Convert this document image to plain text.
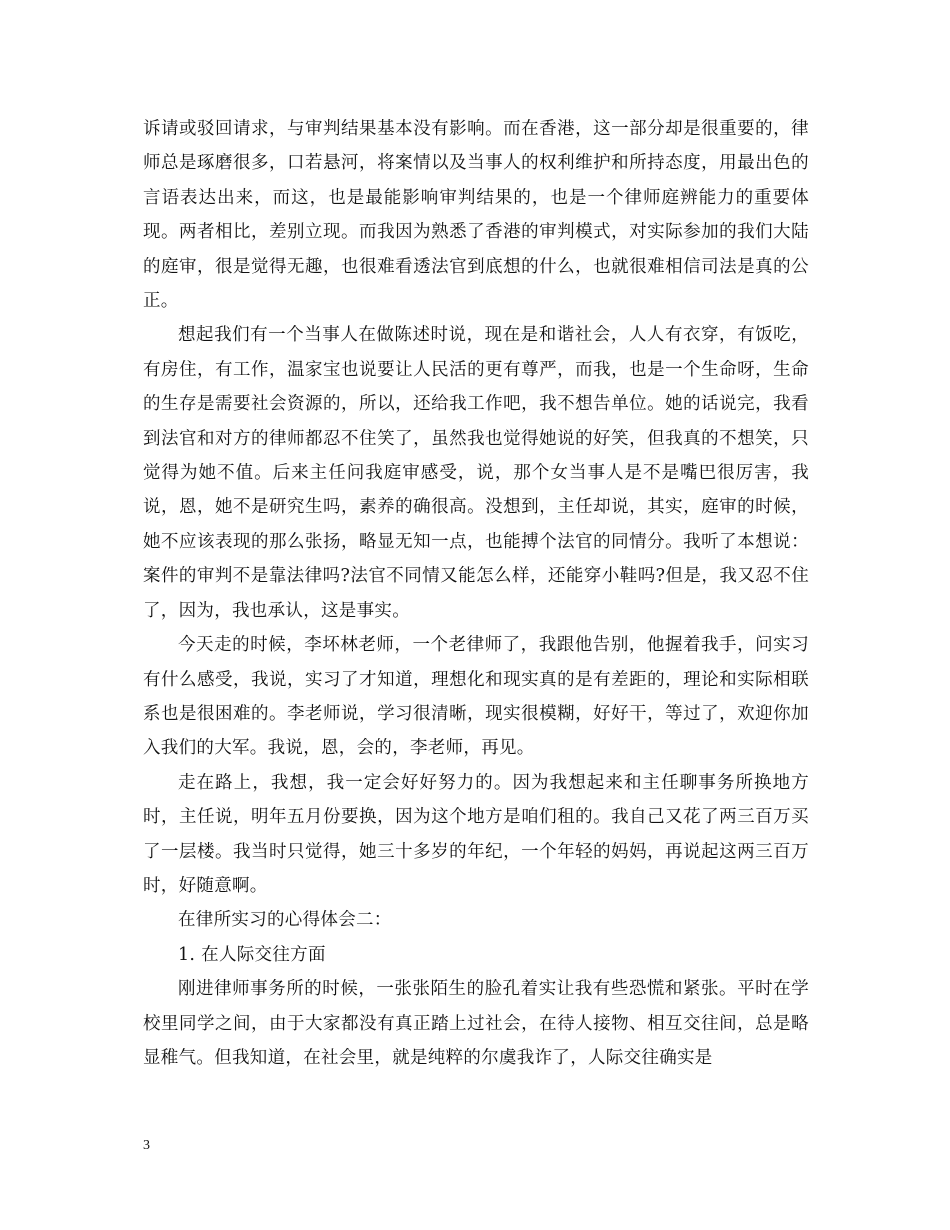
诉请或驳回请求，与审判结果基本没有影响。而在香港，这一部分却是很重要的，律师总是琢磨很多，口若悬河，将案情以及当事人的权利维护和所持态度，用最出色的言语表达出来，而这，也是最能影响审判结果的，也是一个律师庭辨能力的重要体现。两者相比，差别立现。而我因为熟悉了香港的审判模式，对实际参加的我们大陆的庭审，很是觉得无趣，也很难看透法官到底想的什么，也就很难相信司法是真的公正。

想起我们有一个当事人在做陈述时说，现在是和谐社会，人人有衣穿，有饭吃，有房住，有工作，温家宝也说要让人民活的更有尊严，而我，也是一个生命呀，生命的生存是需要社会资源的，所以，还给我工作吧，我不想告单位。她的话说完，我看到法官和对方的律师都忍不住笑了，虽然我也觉得她说的好笑，但我真的不想笑，只觉得为她不值。后来主任问我庭审感受，说，那个女当事人是不是嘴巴很厉害，我说，恩，她不是研究生吗，素养的确很高。没想到，主任却说，其实，庭审的时候，她不应该表现的那么张扬，略显无知一点，也能搏个法官的同情分。我听了本想说：案件的审判不是靠法律吗?法官不同情又能怎么样，还能穿小鞋吗?但是，我又忍不住了，因为，我也承认，这是事实。

今天走的时候，李坏林老师，一个老律师了，我跟他告别，他握着我手，问实习有什么感受，我说，实习了才知道，理想化和现实真的是有差距的，理论和实际相联系也是很困难的。李老师说，学习很清晰，现实很模糊，好好干，等过了，欢迎你加入我们的大军。我说，恩，会的，李老师，再见。

走在路上，我想，我一定会好好努力的。因为我想起来和主任聊事务所换地方时，主任说，明年五月份要换，因为这个地方是咱们租的。我自己又花了两三百万买了一层楼。我当时只觉得，她三十多岁的年纪，一个年轻的妈妈，再说起这两三百万时，好随意啊。

在律所实习的心得体会二：

1. 在人际交往方面

刚进律师事务所的时候，一张张陌生的脸孔着实让我有些恐慌和紧张。平时在学校里同学之间，由于大家都没有真正踏上过社会，在待人接物、相互交往间，总是略显稚气。但我知道，在社会里，就是纯粹的尔虞我诈了，人际交往确实是

3
